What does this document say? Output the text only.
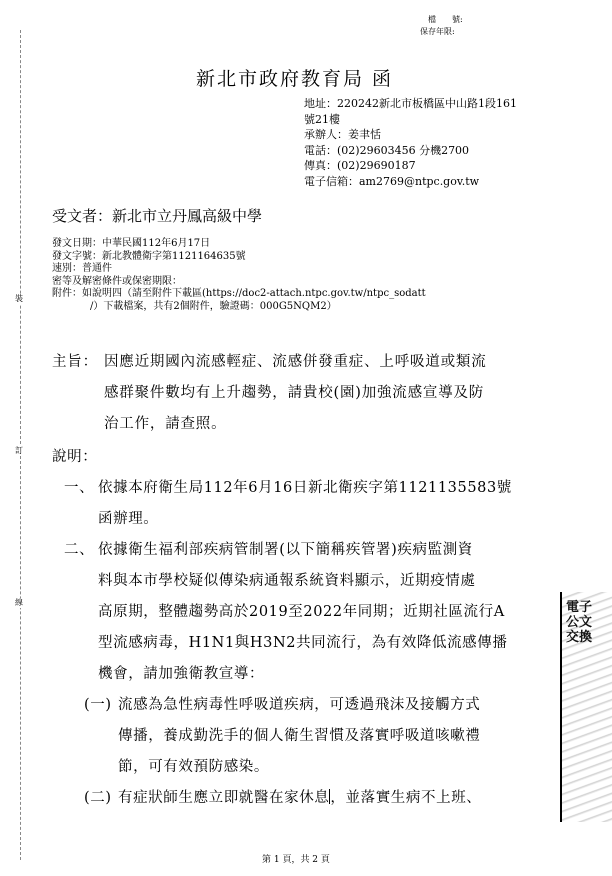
裝
訂
線
檔　　號:
保存年限:
新北市政府教育局 函
地址：220242新北市板橋區中山路1段161
號21樓
承辦人：姜聿恬
電話：(02)29603456 分機2700
傳真：(02)29690187
電子信箱：am2769@ntpc.gov.tw
受文者：新北市立丹鳳高級中學
發文日期：中華民國112年6月17日
發文字號：新北教體衛字第1121164635號
速別：普通件
密等及解密條件或保密期限：
附件：如說明四（請至附件下載區(https://doc2-attach.ntpc.gov.tw/ntpc_sodatt
/）下載檔案，共有2個附件，驗證碼：000G5NQM2）
主旨： 因應近期國內流感輕症、流感併發重症、上呼吸道或類流
感群聚件數均有上升趨勢，請貴校(園)加強流感宣導及防
治工作，請查照。
說明：
一、 依據本府衛生局112年6月16日新北衛疾字第1121135583號
函辦理。
二、 依據衛生福利部疾病管制署(以下簡稱疾管署)疾病監測資
料與本市學校疑似傳染病通報系統資料顯示，近期疫情處
高原期，整體趨勢高於2019至2022年同期；近期社區流行A
型流感病毒，H1N1與H3N2共同流行，為有效降低流感傳播
機會，請加強衛教宣導：
(一) 流感為急性病毒性呼吸道疾病，可透過飛沫及接觸方式
傳播，養成勤洗手的個人衛生習慣及落實呼吸道咳嗽禮
節，可有效預防感染。
(二) 有症狀師生應立即就醫在家休息，並落實生病不上班、
電子公文交換
第 1 頁，共 2 頁
